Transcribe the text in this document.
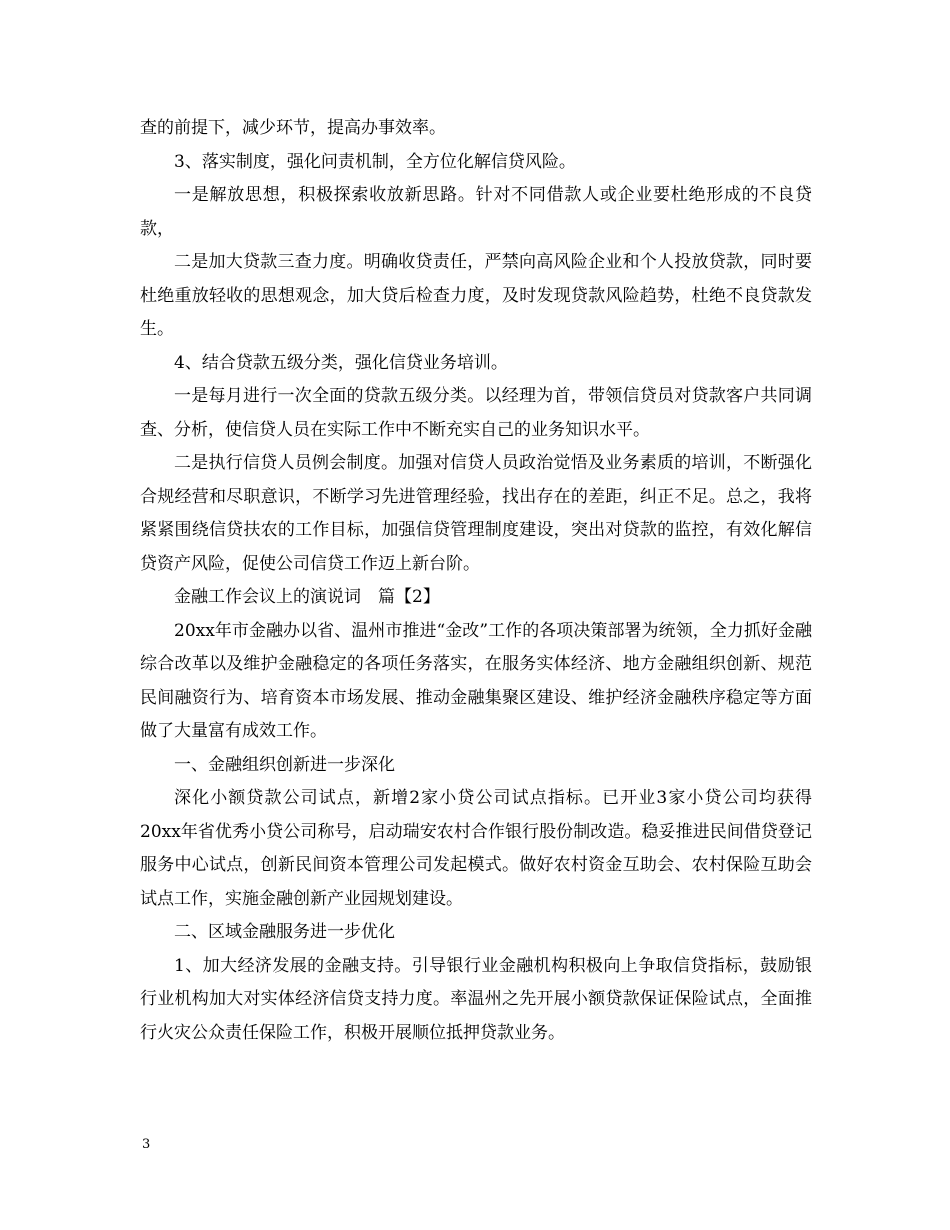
查的前提下，减少环节，提高办事效率。

3、落实制度，强化问责机制，全方位化解信贷风险。

一是解放思想，积极探索收放新思路。针对不同借款人或企业要杜绝形成的不良贷款，

二是加大贷款三查力度。明确收贷责任，严禁向高风险企业和个人投放贷款，同时要杜绝重放轻收的思想观念，加大贷后检查力度，及时发现贷款风险趋势，杜绝不良贷款发生。

4、结合贷款五级分类，强化信贷业务培训。

一是每月进行一次全面的贷款五级分类。以经理为首，带领信贷员对贷款客户共同调查、分析，使信贷人员在实际工作中不断充实自己的业务知识水平。

二是执行信贷人员例会制度。加强对信贷人员政治觉悟及业务素质的培训，不断强化合规经营和尽职意识，不断学习先进管理经验，找出存在的差距，纠正不足。总之，我将紧紧围绕信贷扶农的工作目标，加强信贷管理制度建设，突出对贷款的监控，有效化解信贷资产风险，促使公司信贷工作迈上新台阶。

金融工作会议上的演说词　篇【2】

20xx年市金融办以省、温州市推进“金改”工作的各项决策部署为统领，全力抓好金融综合改革以及维护金融稳定的各项任务落实，在服务实体经济、地方金融组织创新、规范民间融资行为、培育资本市场发展、推动金融集聚区建设、维护经济金融秩序稳定等方面做了大量富有成效工作。

一、金融组织创新进一步深化

深化小额贷款公司试点，新增2家小贷公司试点指标。已开业3家小贷公司均获得20xx年省优秀小贷公司称号，启动瑞安农村合作银行股份制改造。稳妥推进民间借贷登记服务中心试点，创新民间资本管理公司发起模式。做好农村资金互助会、农村保险互助会试点工作，实施金融创新产业园规划建设。

二、区域金融服务进一步优化

1、加大经济发展的金融支持。引导银行业金融机构积极向上争取信贷指标，鼓励银行业机构加大对实体经济信贷支持力度。率温州之先开展小额贷款保证保险试点，全面推行火灾公众责任保险工作，积极开展顺位抵押贷款业务。

3
